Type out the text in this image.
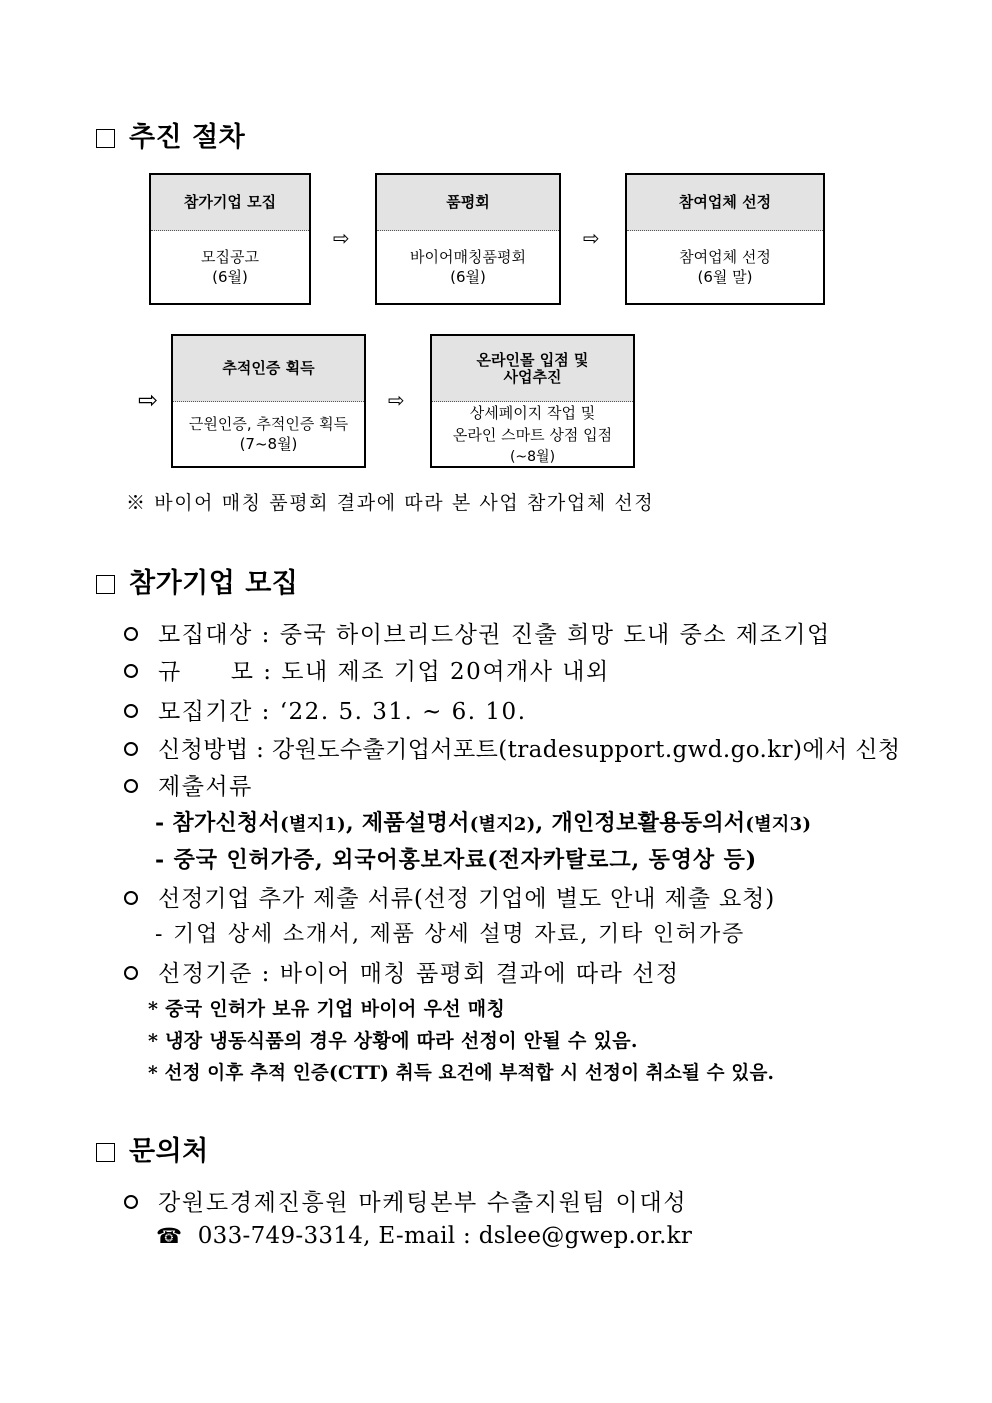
추진 절차
참가기업 모집
모집공고
(6월)
⇨
품평회
바이어매칭품평회
(6월)
⇨
참여업체 선정
참여업체 선정
(6월 말)
⇨
추적인증 획득
근원인증, 추적인증 획득
(7~8월)
⇨
온라인몰 입점 및
사업추진
상세페이지 작업 및
온라인 스마트 상점 입점
(~8월)
※ 바이어 매칭 품평회 결과에 따라 본 사업 참가업체 선정
참가기업 모집
모집대상 : 중국 하이브리드상권 진출 희망 도내 중소 제조기업
규　　모 : 도내 제조 기업 20여개사 내외
모집기간 : ‘22. 5. 31. ~ 6. 10.
신청방법 : 강원도수출기업서포트(tradesupport.gwd.go.kr)에서 신청
제출서류
- 참가신청서(별지1), 제품설명서(별지2), 개인정보활용동의서(별지3)
- 중국 인허가증, 외국어홍보자료(전자카탈로그, 동영상 등)
선정기업 추가 제출 서류(선정 기업에 별도 안내 제출 요청)
- 기업 상세 소개서, 제품 상세 설명 자료, 기타 인허가증
선정기준 : 바이어 매칭 품평회 결과에 따라 선정
* 중국 인허가 보유 기업 바이어 우선 매칭
* 냉장 냉동식품의 경우 상황에 따라 선정이 안될 수 있음.
* 선정 이후 추적 인증(CTT) 취득 요건에 부적합 시 선정이 취소될 수 있음.
문의처
강원도경제진흥원 마케팅본부 수출지원팀 이대성
☎ 033-749-3314, E-mail : dslee@gwep.or.kr
